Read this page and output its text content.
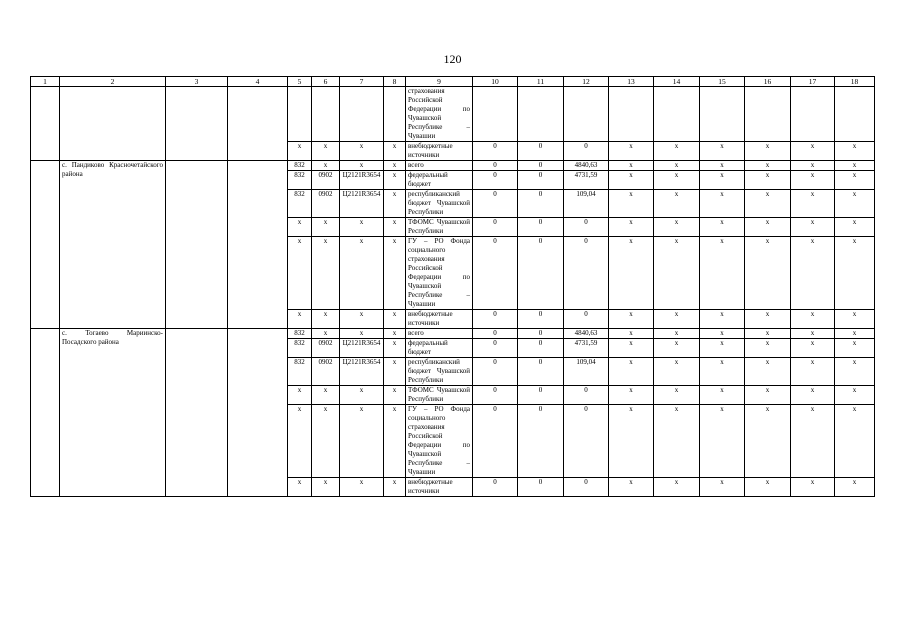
120
1	2	3	4	5	6	7	8	9	10	11	12	13	14	15	16	17	18
								страхования Российской Федерации по Чувашской Республике – Чувашии									
				х	х	х	х	внебюджетные источники	0	0	0	х	х	х	х	х	х
	с. Пандиково Красночетайского района			832	х	х	х	всего	0	0	4840,63	х	х	х	х	х	х
				832	0902	Ц2121R3654	х	федеральный бюджет	0	0	4731,59	х	х	х	х	х	х
				832	0902	Ц2121R3654	х	республиканский бюджет Чувашской Республики	0	0	109,04	х	х	х	х	х	х
				х	х	х	х	ТФОМС Чувашской Республики	0	0	0	х	х	х	х	х	х
				х	х	х	х	ГУ – РО Фонда социального страхования Российской Федерации по Чувашской Республике – Чувашии	0	0	0	х	х	х	х	х	х
				х	х	х	х	внебюджетные источники	0	0	0	х	х	х	х	х	х
	с. Тогаево Мариинско-Посадского района			832	х	х	х	всего	0	0	4840,63	х	х	х	х	х	х
				832	0902	Ц2121R3654	х	федеральный бюджет	0	0	4731,59	х	х	х	х	х	х
				832	0902	Ц2121R3654	х	республиканский бюджет Чувашской Республики	0	0	109,04	х	х	х	х	х	х
				х	х	х	х	ТФОМС Чувашской Республики	0	0	0	х	х	х	х	х	х
				х	х	х	х	ГУ – РО Фонда социального страхования Российской Федерации по Чувашской Республике – Чувашии	0	0	0	х	х	х	х	х	х
				х	х	х	х	внебюджетные источники	0	0	0	х	х	х	х	х	х
